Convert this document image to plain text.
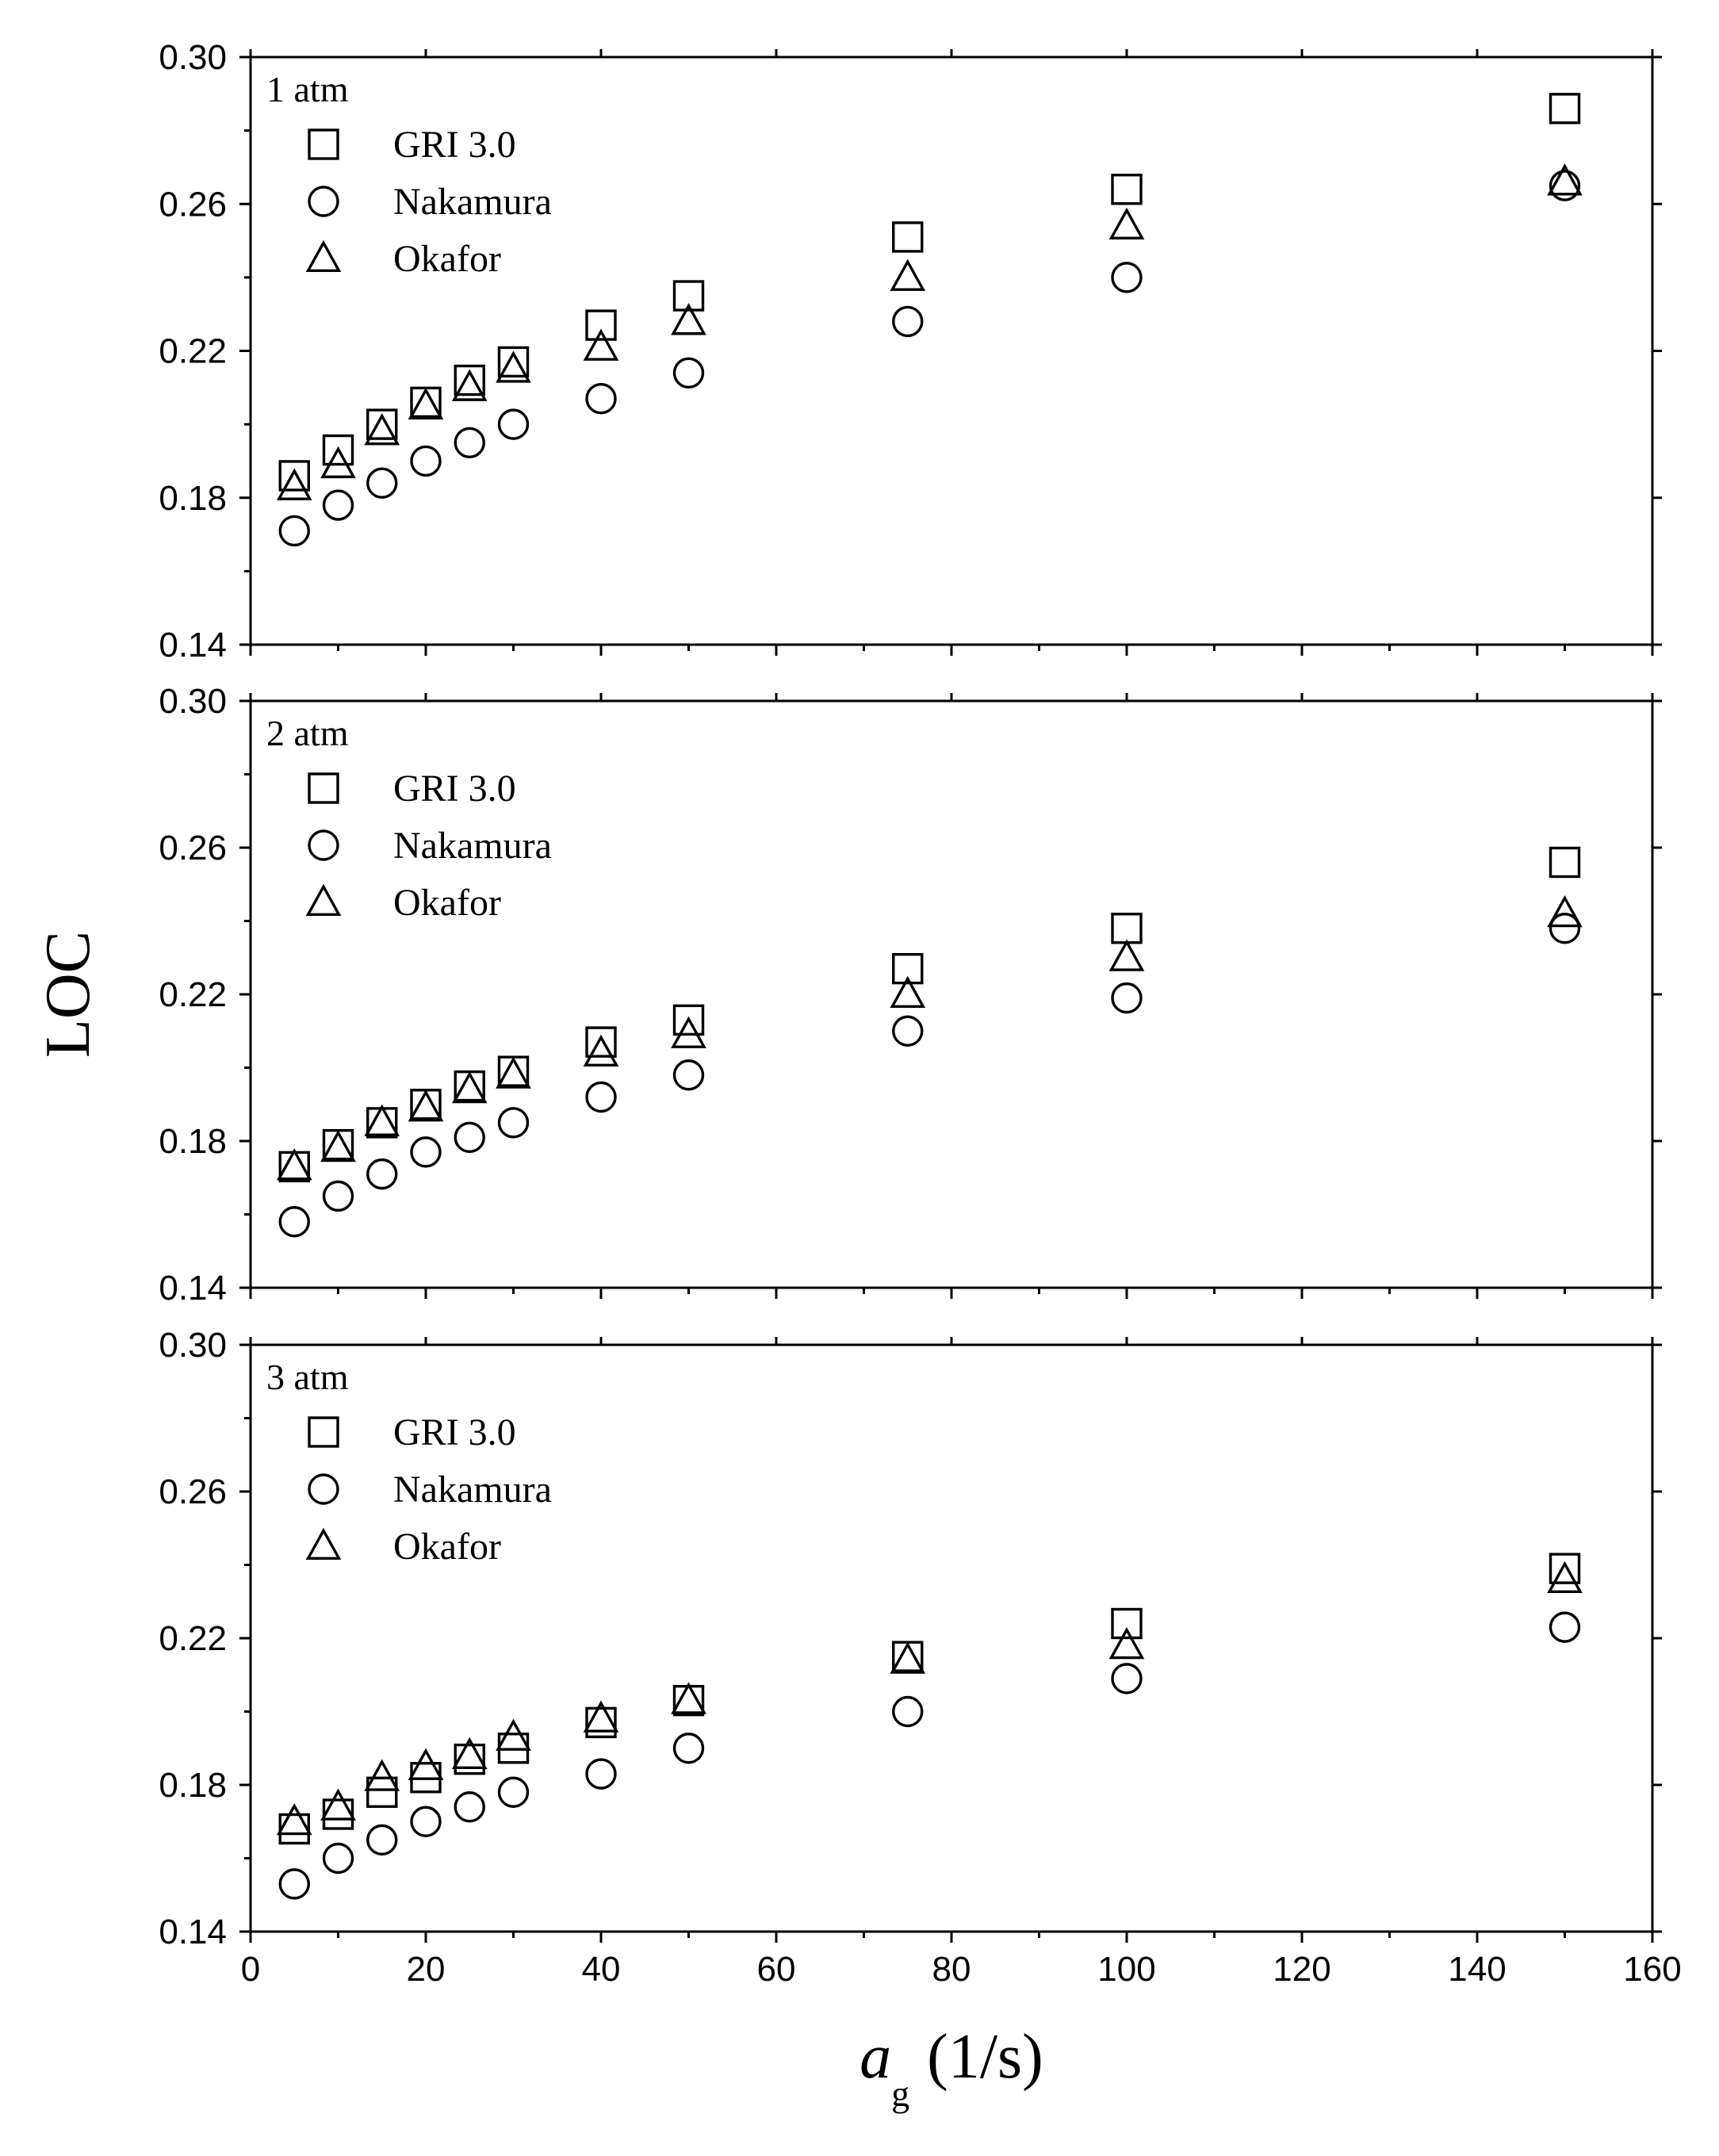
0.14
0.18
0.22
0.26
0.30
1 atm
GRI 3.0
Nakamura
Okafor
0.14
0.18
0.22
0.26
0.30
2 atm
GRI 3.0
Nakamura
Okafor
0.14
0.18
0.22
0.26
0.30
0	20	40	60	80	100	120	140	160
3 atm
GRI 3.0
Nakamura
Okafor
LOC
$a_g(1/s)$
